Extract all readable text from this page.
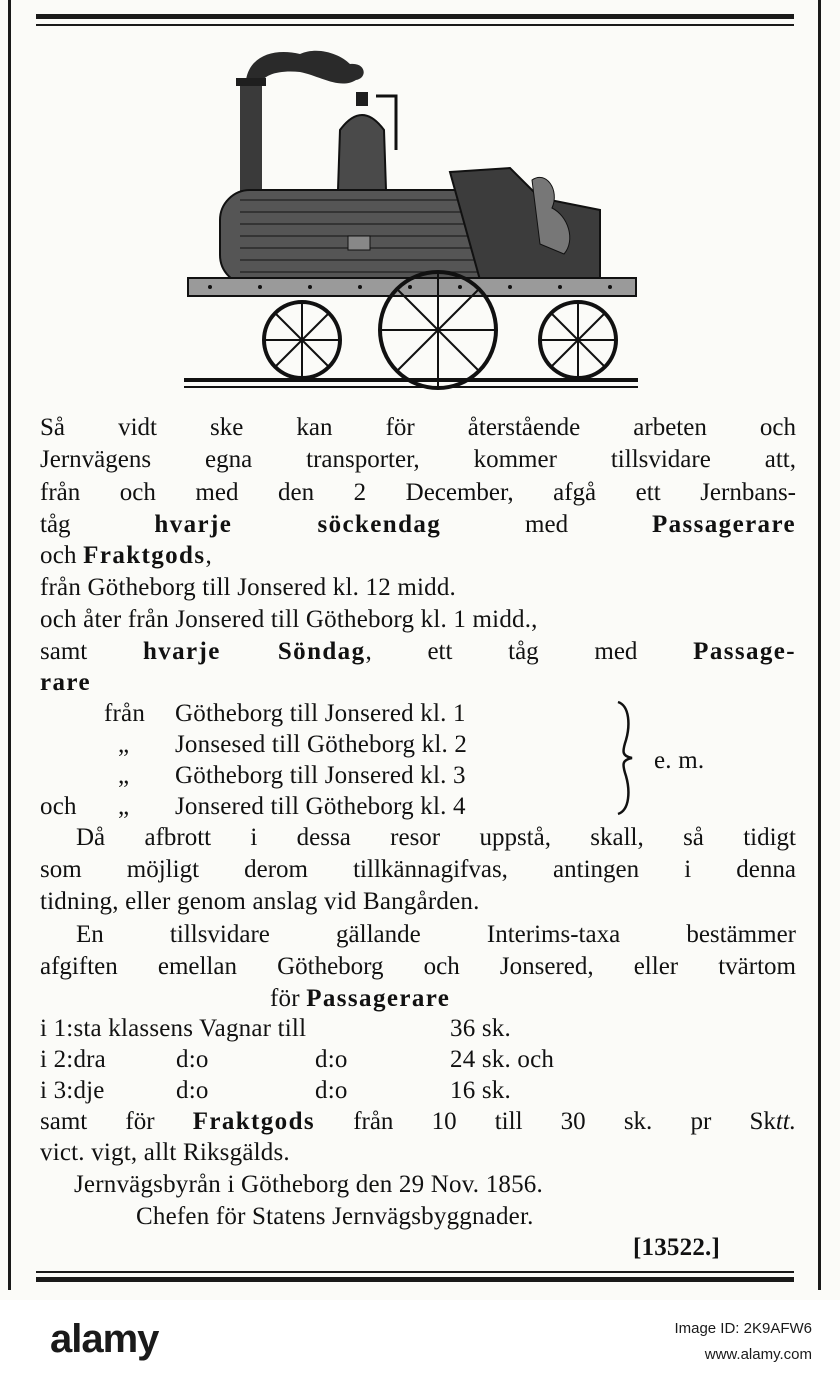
Så vidt ske kan för återstående arbeten och
Jernvägens egna transporter, kommer tillsvidare att,
från och med den 2 December, afgå ett Jernbans-
tåg	hvarje söckendag	med	Passagerare
och Fraktgods,
från Götheborg till Jonsered kl. 12 midd.
och åter från Jonsered till Götheborg kl. 1 midd.,
samt hvarje Söndag, ett tåg med Passage-
rare
från Götheborg till Jonsered kl. 1
„ Jonsesed till Götheborg kl. 2
„ Götheborg till Jonsered kl. 3
och „ Jonsered till Götheborg kl. 4
e. m.
Då afbrott i dessa resor uppstå, skall, så tidigt
som möjligt derom tillkännagifvas, antingen i denna
tidning, eller genom anslag vid Bangården.
En tillsvidare gällande Interims-taxa bestämmer
afgiften emellan Götheborg och Jonsered, eller tvärtom
för Passagerare
i 1:sta klassens Vagnar till	36 sk.
i 2:dra	d:o	d:o	24 sk. och
i 3:dje	d:o	d:o	16 sk.
samt för Fraktgods från 10 till 30 sk. pr Sktt.
vict. vigt, allt Riksgälds.
Jernvägsbyrån i Götheborg den 29 Nov. 1856.
Chefen för Statens Jernvägsbyggnader.
[13522.]
alamy	Image ID: 2K9AFW6
www.alamy.com
